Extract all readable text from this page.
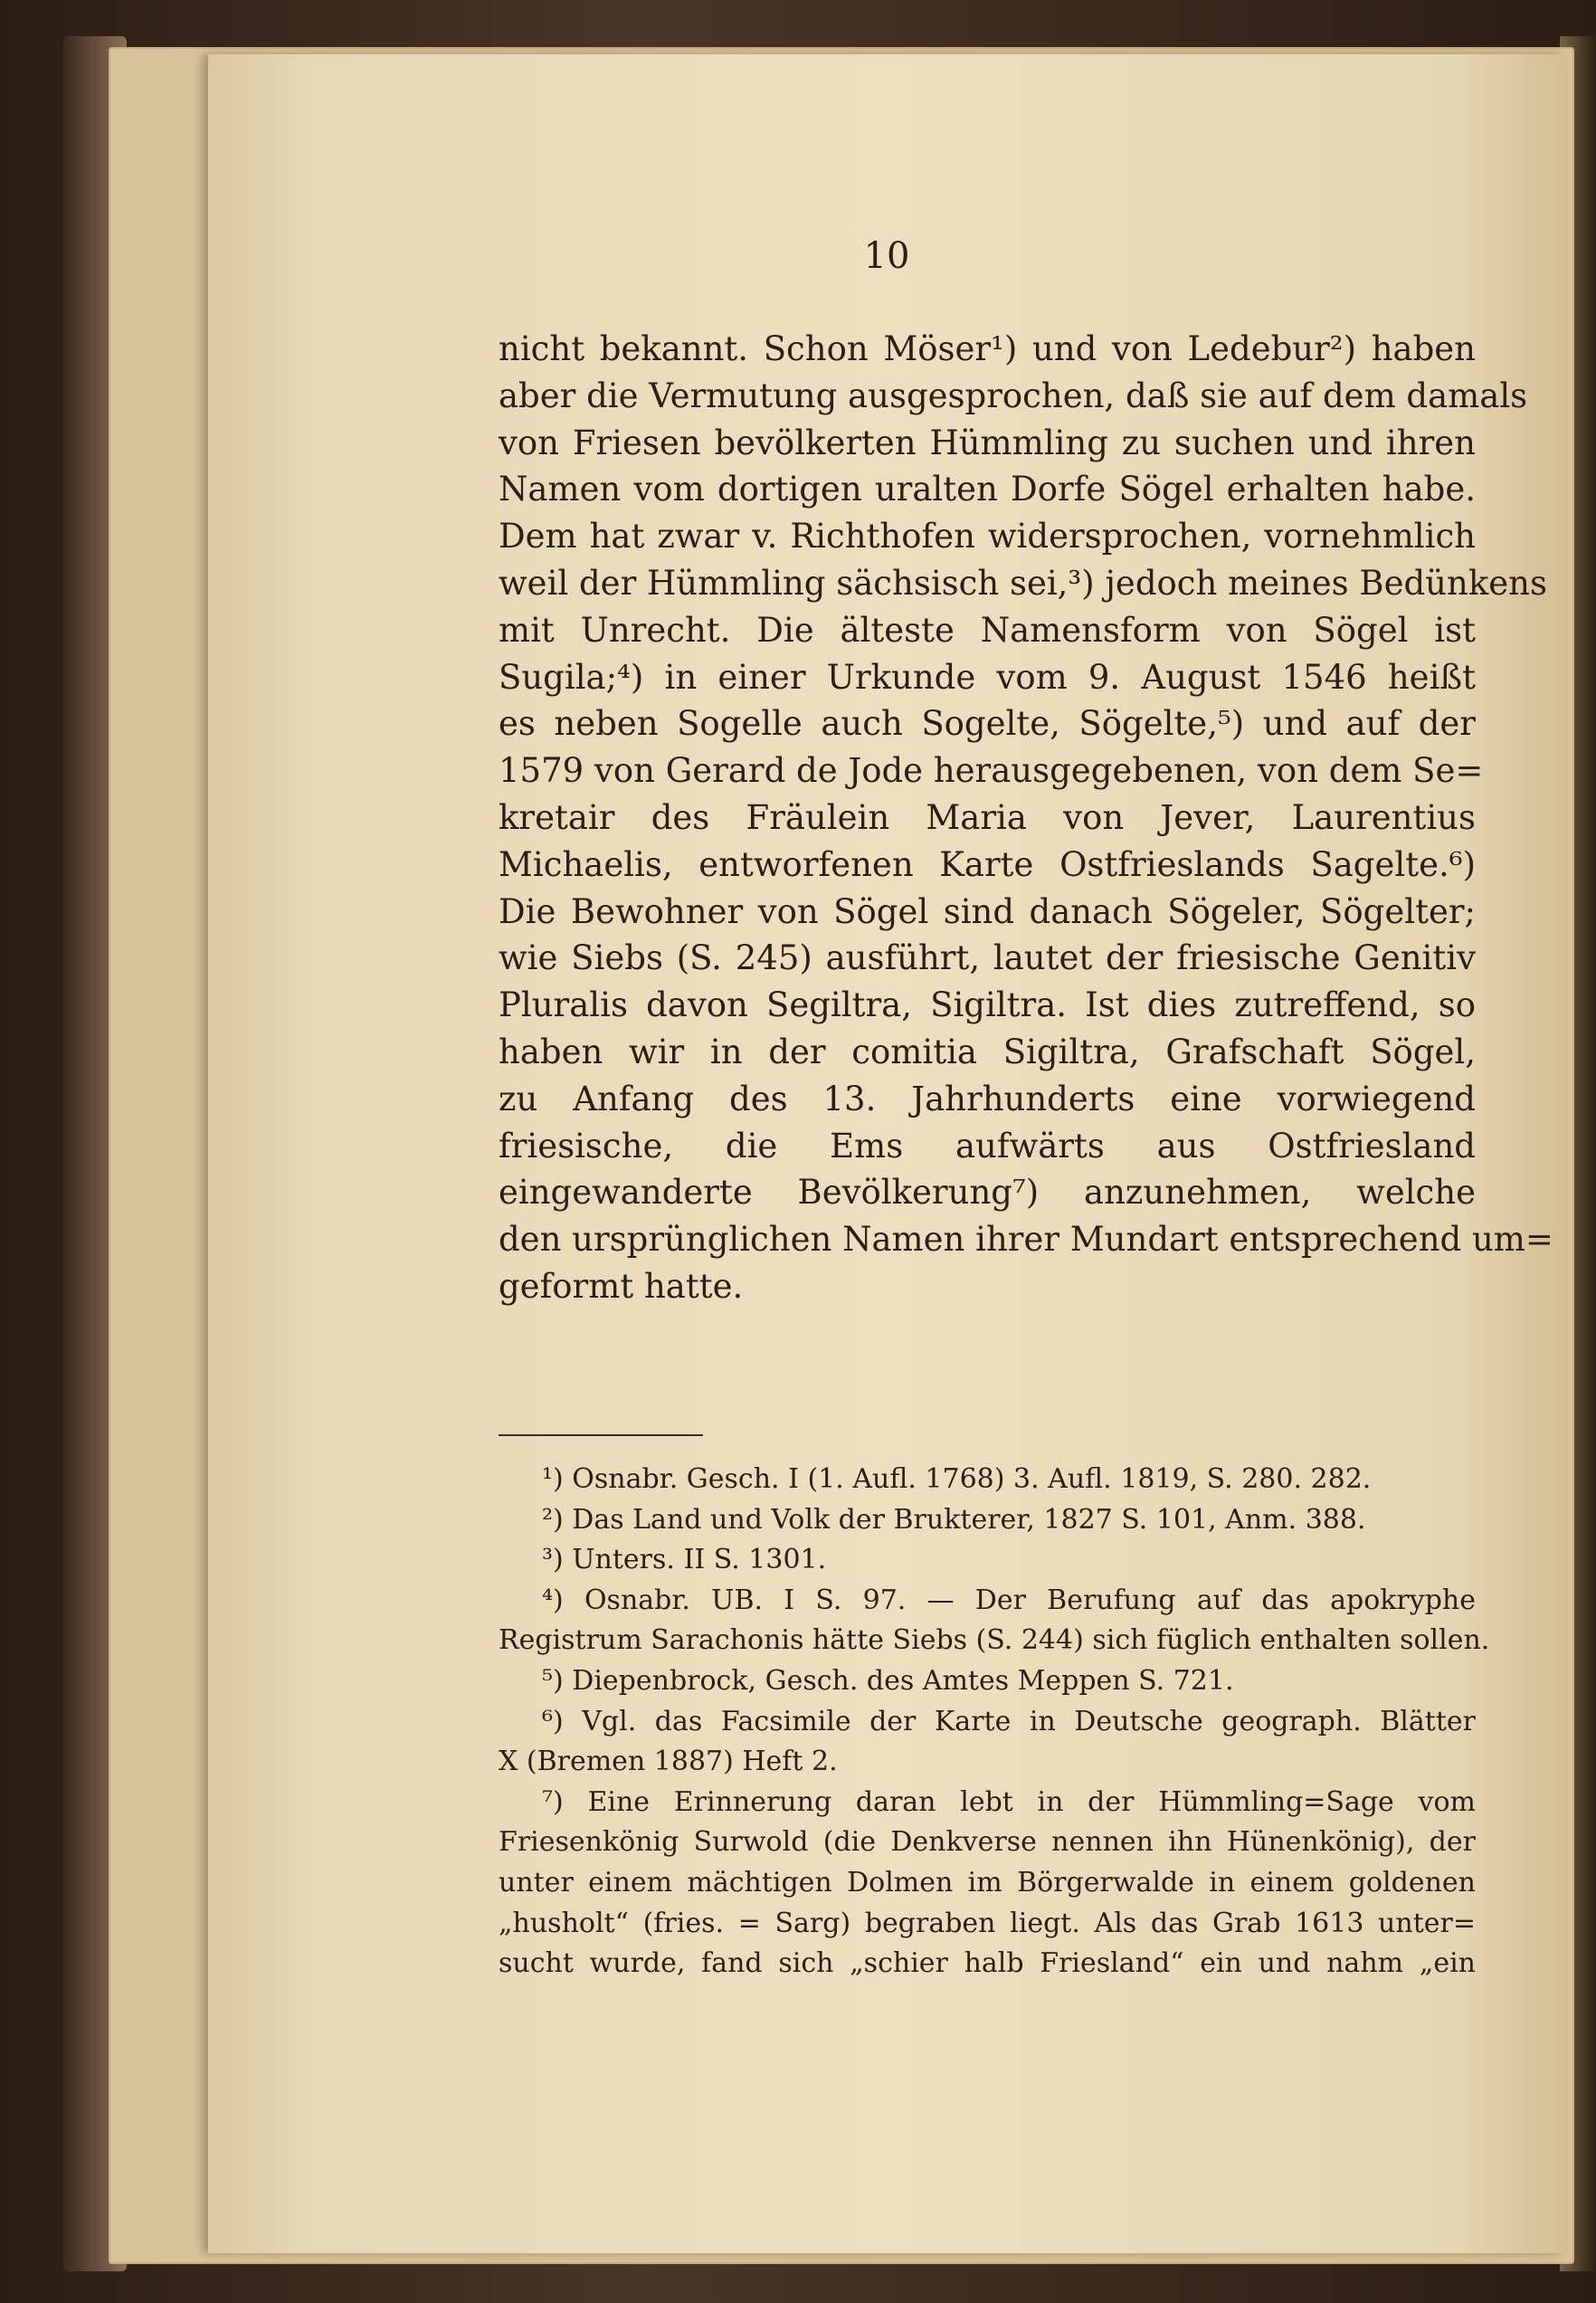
10
nicht bekannt. Schon Möser¹) und von Ledebur²) haben
aber die Vermutung ausgesprochen, daß sie auf dem damals
von Friesen bevölkerten Hümmling zu suchen und ihren
Namen vom dortigen uralten Dorfe Sögel erhalten habe.
Dem hat zwar v. Richthofen widersprochen, vornehmlich
weil der Hümmling sächsisch sei,³) jedoch meines Bedünkens
mit Unrecht. Die älteste Namensform von Sögel ist
Sugila;⁴) in einer Urkunde vom 9. August 1546 heißt
es neben Sogelle auch Sogelte, Sögelte,⁵) und auf der
1579 von Gerard de Jode herausgegebenen, von dem Se=
kretair des Fräulein Maria von Jever, Laurentius
Michaelis, entworfenen Karte Ostfrieslands Sagelte.⁶)
Die Bewohner von Sögel sind danach Sögeler, Sögelter;
wie Siebs (S. 245) ausführt, lautet der friesische Genitiv
Pluralis davon Segiltra, Sigiltra. Ist dies zutreffend, so
haben wir in der comitia Sigiltra, Grafschaft Sögel,
zu Anfang des 13. Jahrhunderts eine vorwiegend
friesische, die Ems aufwärts aus Ostfriesland
eingewanderte Bevölkerung⁷) anzunehmen, welche
den ursprünglichen Namen ihrer Mundart entsprechend um=
geformt hatte.
¹) Osnabr. Gesch. I (1. Aufl. 1768) 3. Aufl. 1819, S. 280. 282.
²) Das Land und Volk der Brukterer, 1827 S. 101, Anm. 388.
³) Unters. II S. 1301.
⁴) Osnabr. UB. I S. 97. — Der Berufung auf das apokryphe
Registrum Sarachonis hätte Siebs (S. 244) sich füglich enthalten sollen.
⁵) Diepenbrock, Gesch. des Amtes Meppen S. 721.
⁶) Vgl. das Facsimile der Karte in Deutsche geograph. Blätter
X (Bremen 1887) Heft 2.
⁷) Eine Erinnerung daran lebt in der Hümmling=Sage vom
Friesenkönig Surwold (die Denkverse nennen ihn Hünenkönig), der
unter einem mächtigen Dolmen im Börgerwalde in einem goldenen
„husholt“ (fries. = Sarg) begraben liegt. Als das Grab 1613 unter=
sucht wurde, fand sich „schier halb Friesland“ ein und nahm „ein
